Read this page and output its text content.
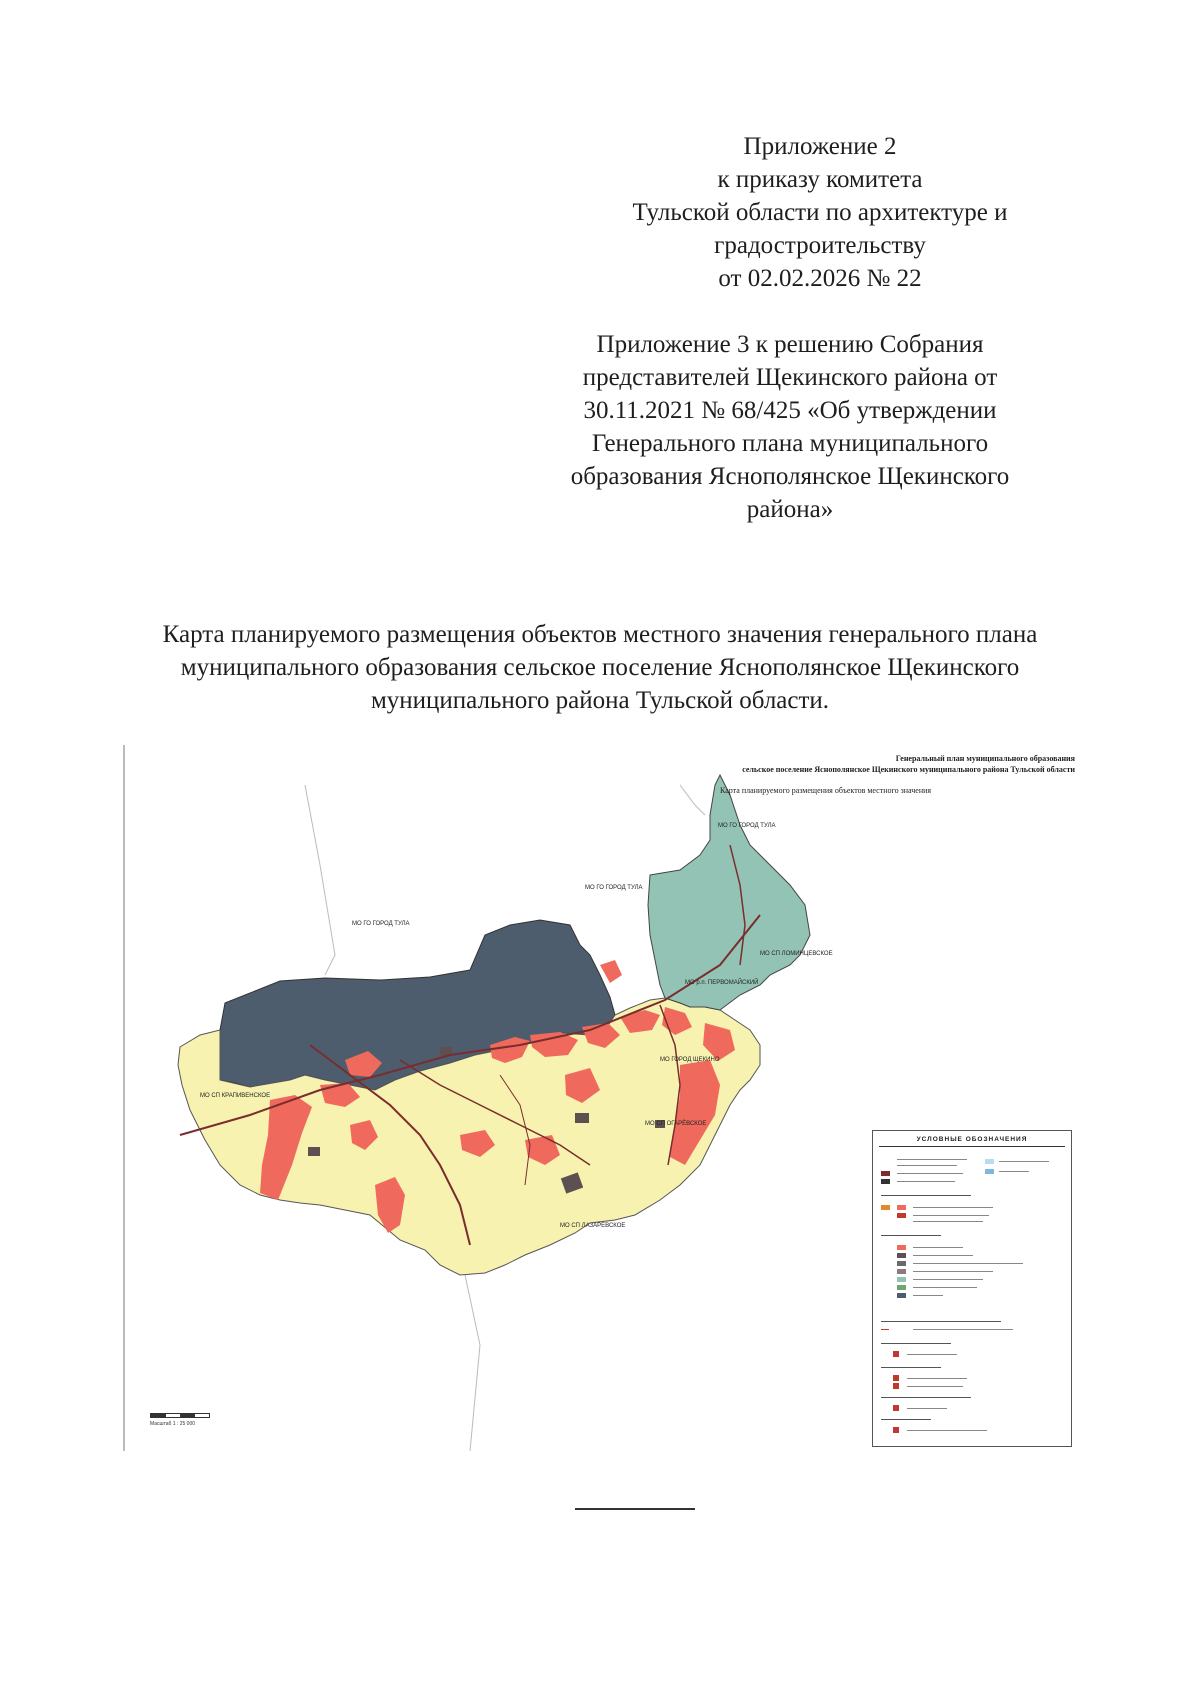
Приложение 2
к приказу комитета
Тульской области по архитектуре и
градостроительству
от 02.02.2026 № 22
Приложение 3 к решению Собрания представителей Щекинского района от 30.11.2021 № 68/425 «Об утверждении Генерального плана муниципального образования Яснополянское Щекинского района»
Карта планируемого размещения объектов местного значения генерального плана муниципального образования сельское поселение Яснополянское Щекинского муниципального района Тульской области.
Генеральный план муниципального образования
сельское поселение Яснополянское Щекинского муниципального района Тульской области
Карта планируемого размещения объектов местного значения
МО ГО ГОРОД ТУЛА
МО ГО ГОРОД ТУЛА
МО ГО ГОРОД ТУЛА
МО СП ЛОМИНЦЕВСКОЕ
МО р.п. ПЕРВОМАЙСКИЙ
МО ГОРОД ЩЕКИНО
МО СП КРАПИВЕНСКОЕ
МО СП ОГАРЁВСКОЕ
МО СП ЛАЗАРЕВСКОЕ
УСЛОВНЫЕ ОБОЗНАЧЕНИЯ
Масштаб 1 : 25 000
